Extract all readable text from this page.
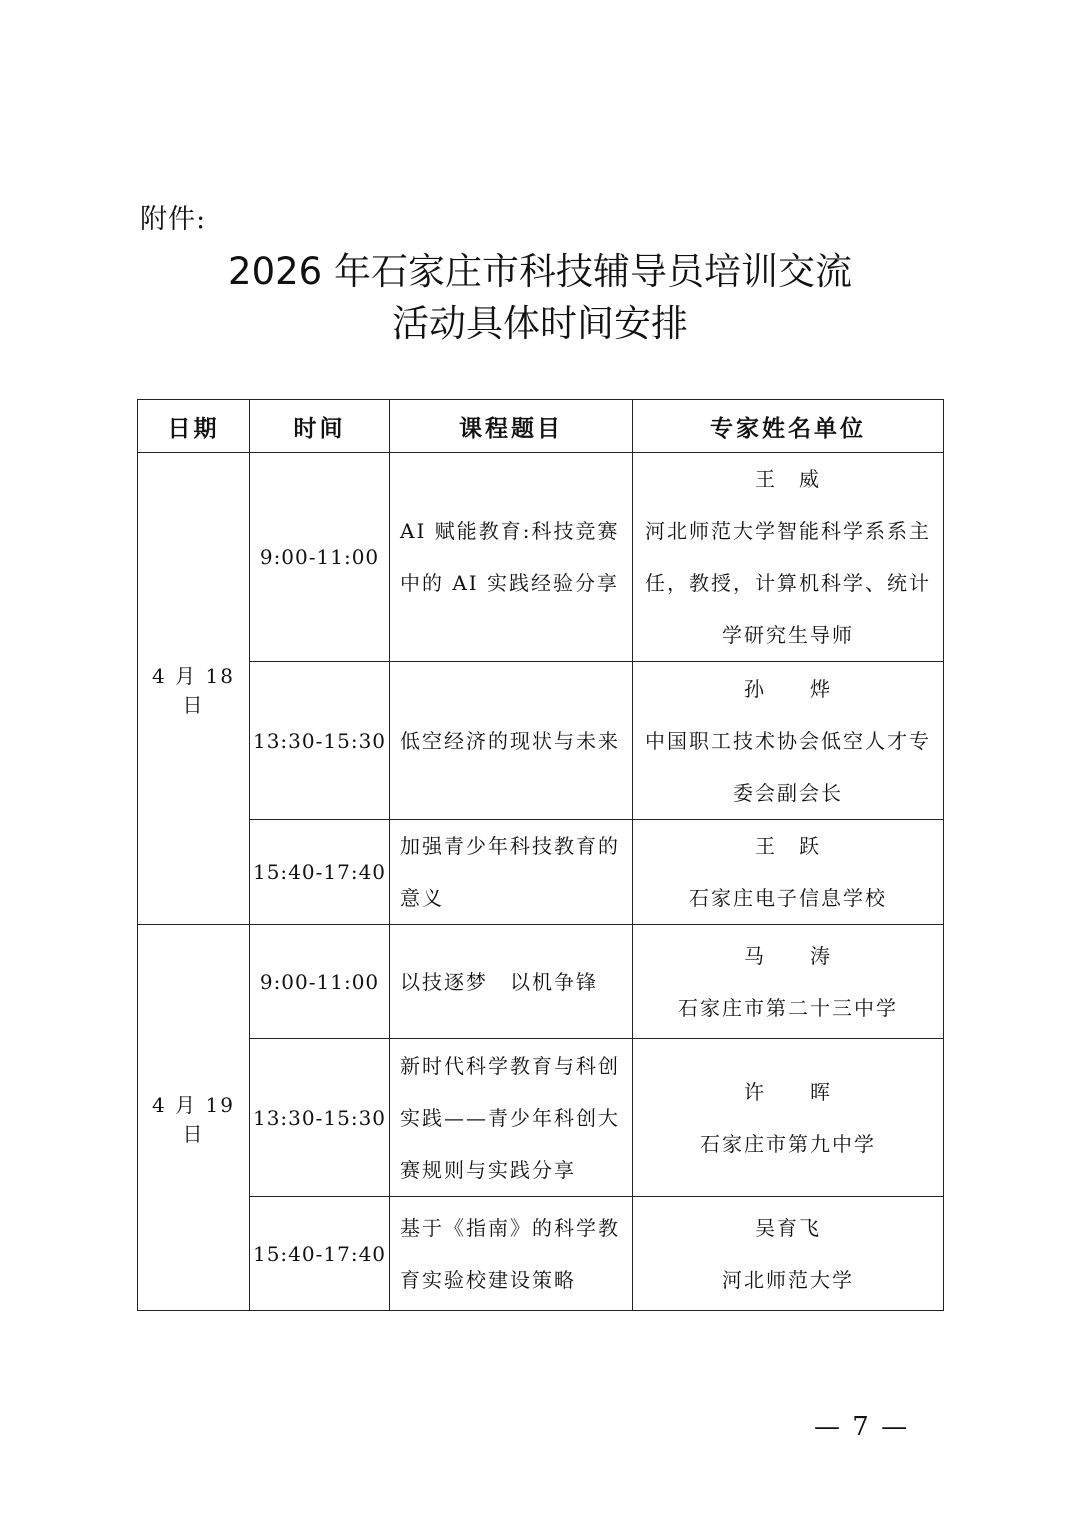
附件:
2026 年石家庄市科技辅导员培训交流
活动具体时间安排
日期	时间	课程题目	专家姓名单位
4 月 18 日	9:00-11:00	AI 赋能教育:科技竞赛中的 AI 实践经验分享	王　威
河北师范大学智能科学系系主任，教授，计算机科学、统计学研究生导师

	13:30-15:30	低空经济的现状与未来	孙　　烨
中国职工技术协会低空人才专委会副会长

	15:40-17:40	加强青少年科技教育的意义	王　跃
石家庄电子信息学校

4 月 19 日	9:00-11:00	以技逐梦　以机争锋	马　　涛
石家庄市第二十三中学

	13:30-15:30	新时代科学教育与科创实践——青少年科创大赛规则与实践分享	许　　晖
石家庄市第九中学

	15:40-17:40	基于《指南》的科学教育实验校建设策略	吴育飞
河北师范大学
— 7 —
